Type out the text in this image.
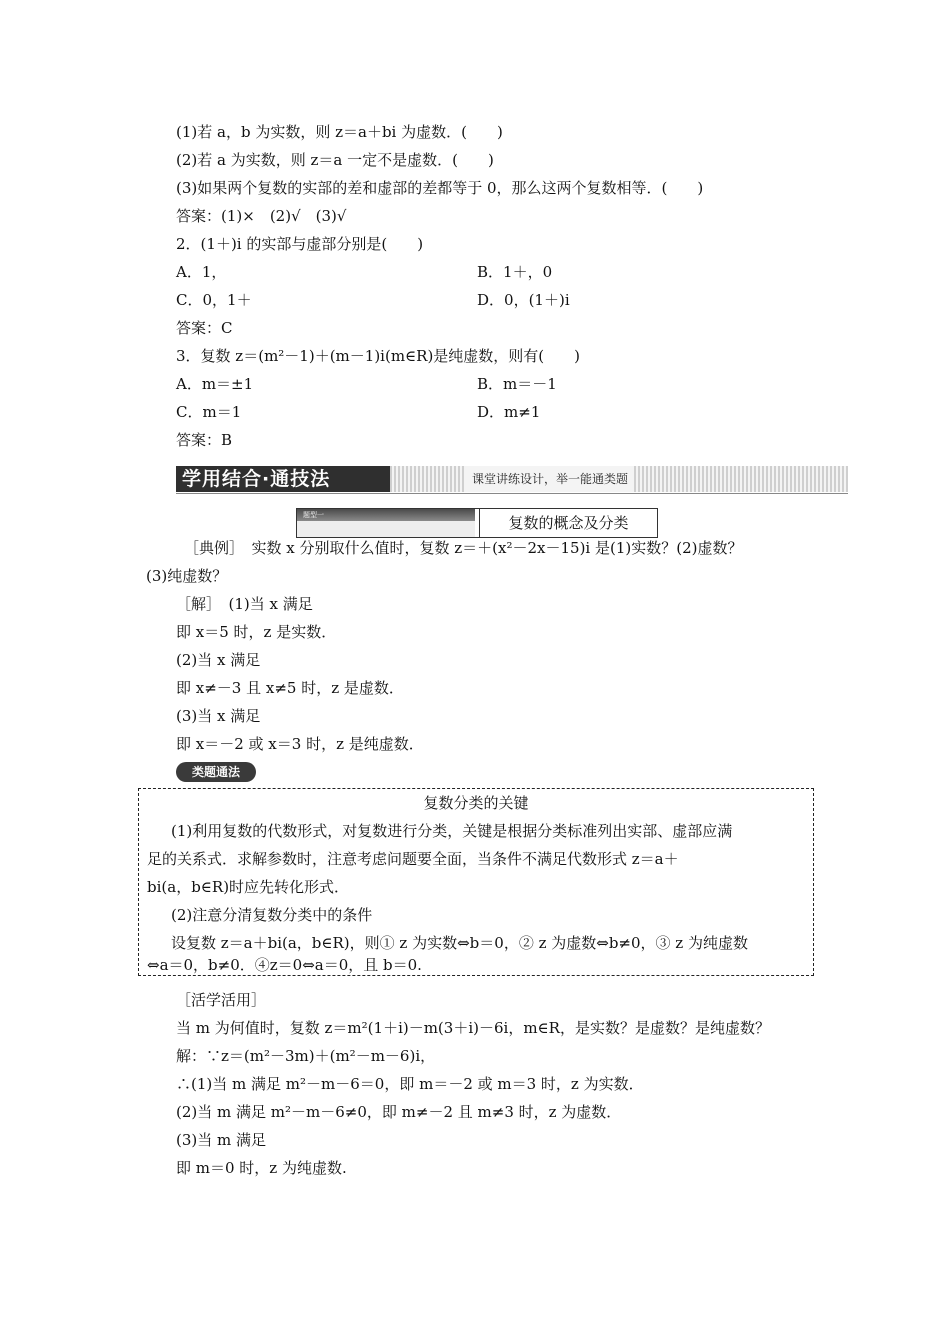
(1)若 a，b 为实数，则 z＝a＋bi 为虚数．(　　)
(2)若 a 为实数，则 z＝a 一定不是虚数．(　　)
(3)如果两个复数的实部的差和虚部的差都等于 0，那么这两个复数相等．(　　)
答案：(1)×　(2)√　(3)√
2．(1＋)i 的实部与虚部分别是(　　)
A．1，	B．1＋，0
C．0，1＋	D．0，(1＋)i
答案：C
3．复数 z＝(m²－1)＋(m－1)i(m∈R)是纯虚数，则有(　　)
A．m＝±1	B．m＝－1
C．m＝1	D．m≠1
答案：B
学用结合·通技法	课堂讲练设计，举一能通类题
题型一	复数的概念及分类
［典例］　实数 x 分别取什么值时，复数 z＝＋(x²－2x－15)i 是(1)实数？(2)虚数？
(3)纯虚数？
［解］　(1)当 x 满足
即 x＝5 时，z 是实数．
(2)当 x 满足
即 x≠－3 且 x≠5 时，z 是虚数．
(3)当 x 满足
即 x＝－2 或 x＝3 时，z 是纯虚数．
类题通法
复数分类的关键
(1)利用复数的代数形式，对复数进行分类，关键是根据分类标准列出实部、虚部应满
足的关系式．求解参数时，注意考虑问题要全面，当条件不满足代数形式 z＝a＋
bi(a，b∈R)时应先转化形式．
(2)注意分清复数分类中的条件
设复数 z＝a＋bi(a，b∈R)，则① z 为实数⇔b＝0，② z 为虚数⇔b≠0，③ z 为纯虚数
⇔a＝0，b≠0．④z＝0⇔a＝0，且 b＝0.
［活学活用］
当 m 为何值时，复数 z＝m²(1＋i)－m(3＋i)－6i，m∈R，是实数？是虚数？是纯虚数？
解：∵z＝(m²－3m)＋(m²－m－6)i，
∴(1)当 m 满足 m²－m－6＝0，即 m＝－2 或 m＝3 时，z 为实数．
(2)当 m 满足 m²－m－6≠0，即 m≠－2 且 m≠3 时，z 为虚数．
(3)当 m 满足
即 m＝0 时，z 为纯虚数.
